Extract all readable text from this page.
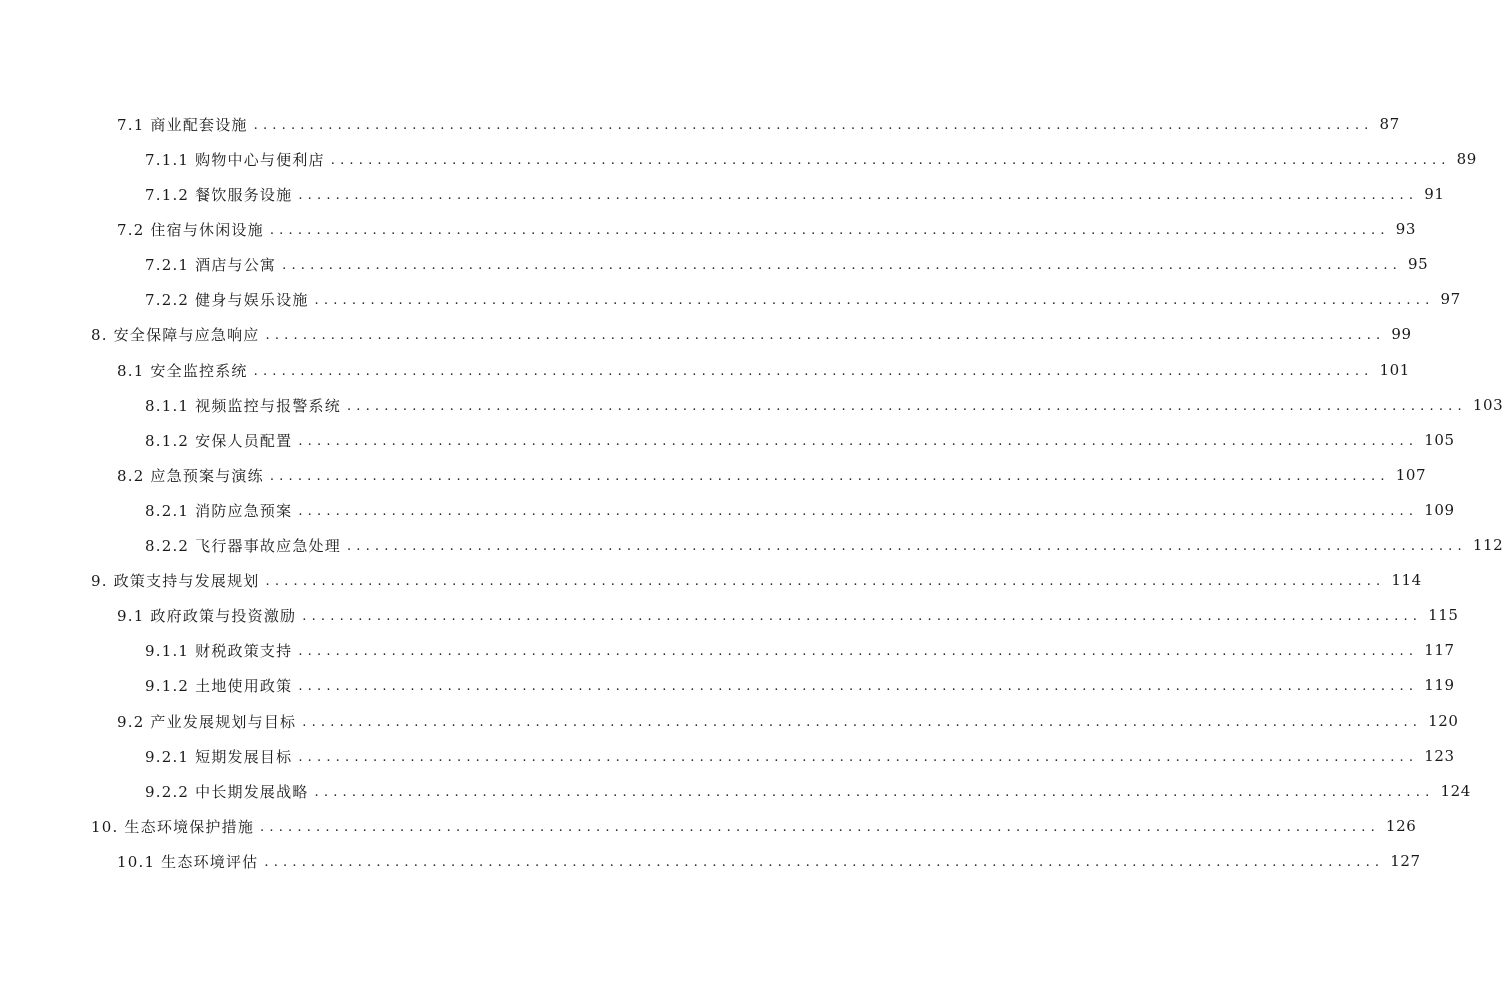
7.1 商业配套设施 ........................................................................................................................ 87
7.1.1 购物中心与便利店 ........................................................................................................................ 89
7.1.2 餐饮服务设施 ........................................................................................................................ 91
7.2 住宿与休闲设施 ........................................................................................................................ 93
7.2.1 酒店与公寓 ........................................................................................................................ 95
7.2.2 健身与娱乐设施 ........................................................................................................................ 97
8. 安全保障与应急响应 ........................................................................................................................ 99
8.1 安全监控系统 ........................................................................................................................ 101
8.1.1 视频监控与报警系统 ........................................................................................................................ 103
8.1.2 安保人员配置 ........................................................................................................................ 105
8.2 应急预案与演练 ........................................................................................................................ 107
8.2.1 消防应急预案 ........................................................................................................................ 109
8.2.2 飞行器事故应急处理 ........................................................................................................................ 112
9. 政策支持与发展规划 ........................................................................................................................ 114
9.1 政府政策与投资激励 ........................................................................................................................ 115
9.1.1 财税政策支持 ........................................................................................................................ 117
9.1.2 土地使用政策 ........................................................................................................................ 119
9.2 产业发展规划与目标 ........................................................................................................................ 120
9.2.1 短期发展目标 ........................................................................................................................ 123
9.2.2 中长期发展战略 ........................................................................................................................ 124
10. 生态环境保护措施 ........................................................................................................................ 126
10.1 生态环境评估 ........................................................................................................................ 127
